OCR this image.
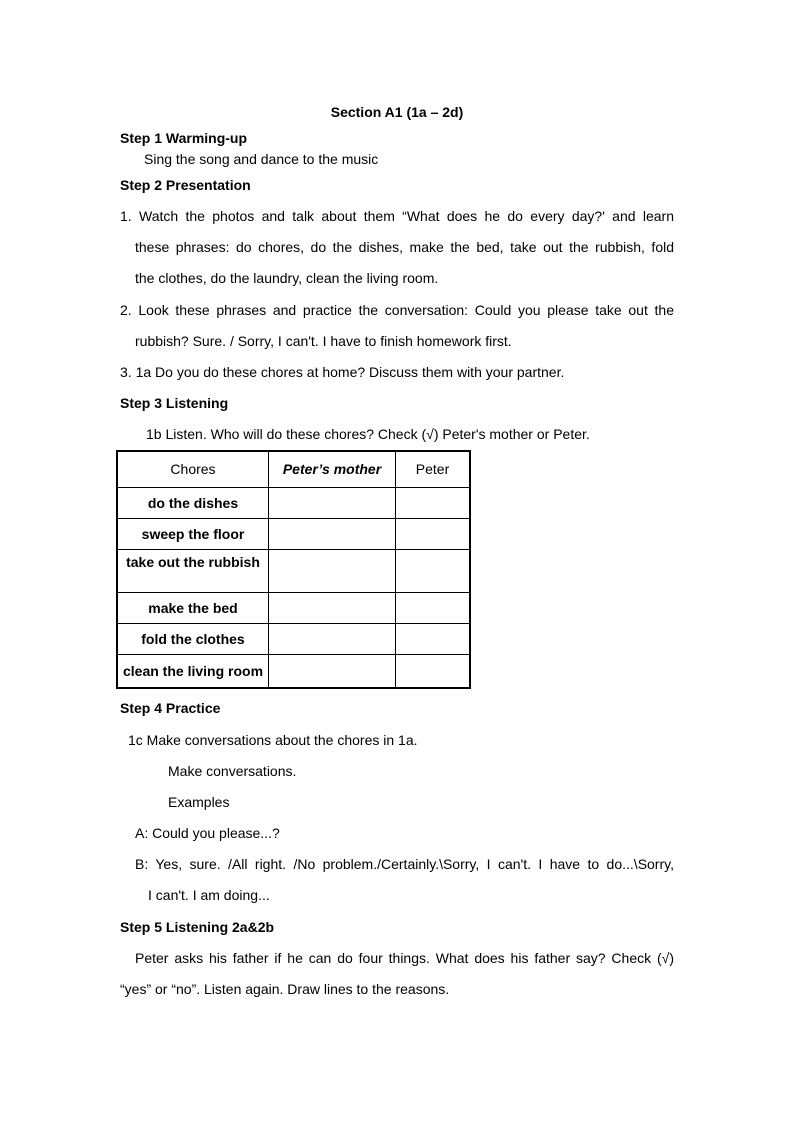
Section A1 (1a – 2d)
Step 1 Warming-up
Sing the song and dance to the music
Step 2 Presentation
1. Watch the photos and talk about them “What does he do every day?' and learn
these phrases: do chores, do the dishes, make the bed, take out the rubbish, fold
the clothes, do the laundry, clean the living room.
2. Look these phrases and practice the conversation: Could you please take out the
rubbish? Sure. / Sorry, I can't. I have to finish homework first.
3. 1a Do you do these chores at home? Discuss them with your partner.
Step 3 Listening
1b Listen. Who will do these chores? Check (√) Peter's mother or Peter.
Chores	Peter’s mother	Peter
do the dishes		
sweep the floor		
take out the rubbish		
make the bed		
fold the clothes		
clean the living room		
Step 4 Practice
1c Make conversations about the chores in 1a.
Make conversations.
Examples
A: Could you please...?
B: Yes, sure. /All right. /No problem./Certainly.\Sorry, I can't. I have to do...\Sorry,
I can't. I am doing...
Step 5 Listening 2a&2b
Peter asks his father if he can do four things. What does his father say? Check (√)
“yes” or “no”. Listen again. Draw lines to the reasons.
